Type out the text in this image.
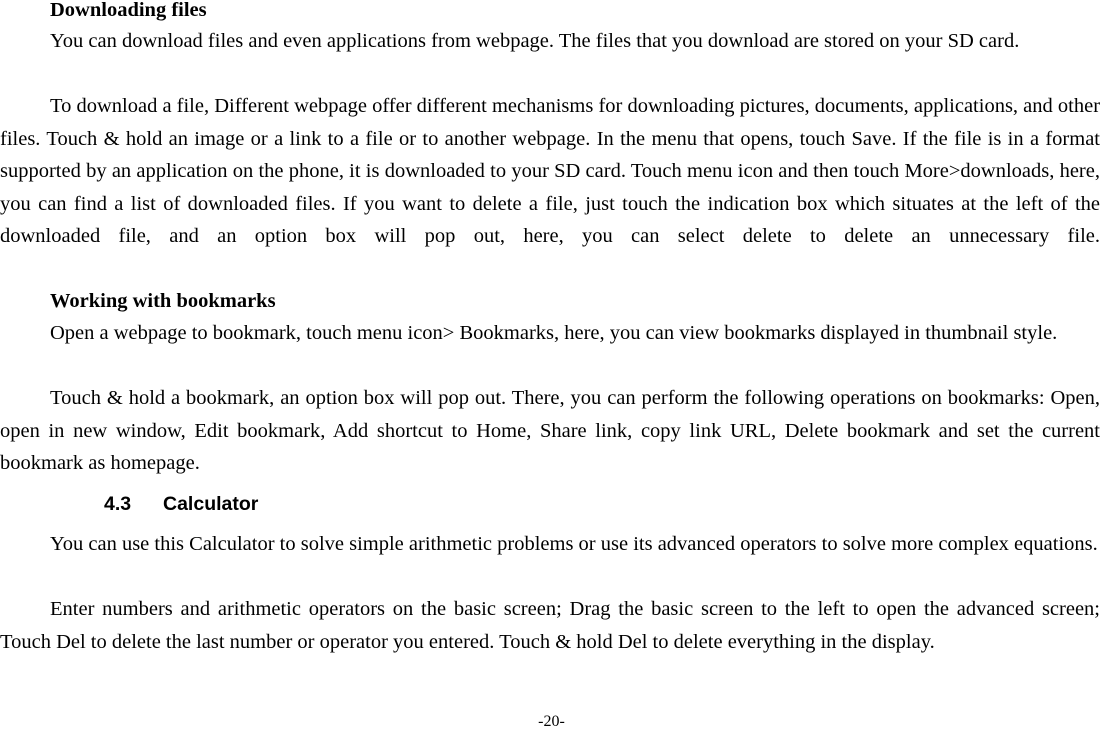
Downloading files

You can download files and even applications from webpage. The files that you download are stored on your SD card.

To download a file, Different webpage offer different mechanisms for downloading pictures, documents, applications, and other files. Touch & hold an image or a link to a file or to another webpage. In the menu that opens, touch Save. If the file is in a format supported by an application on the phone, it is downloaded to your SD card. Touch menu icon and then touch More>downloads, here, you can find a list of downloaded files. If you want to delete a file, just touch the indication box which situates at the left of the downloaded file, and an option box will pop out, here, you can select delete to delete an unnecessary file.

Working with bookmarks

Open a webpage to bookmark, touch menu icon> Bookmarks, here, you can view bookmarks displayed in thumbnail style.

Touch & hold a bookmark, an option box will pop out. There, you can perform the following operations on bookmarks: Open, open in new window, Edit bookmark, Add shortcut to Home, Share link, copy link URL, Delete bookmark and set the current bookmark as homepage.

4.3 Calculator

You can use this Calculator to solve simple arithmetic problems or use its advanced operators to solve more complex equations.

Enter numbers and arithmetic operators on the basic screen; Drag the basic screen to the left to open the advanced screen; Touch Del to delete the last number or operator you entered. Touch & hold Del to delete everything in the display.

-20-
